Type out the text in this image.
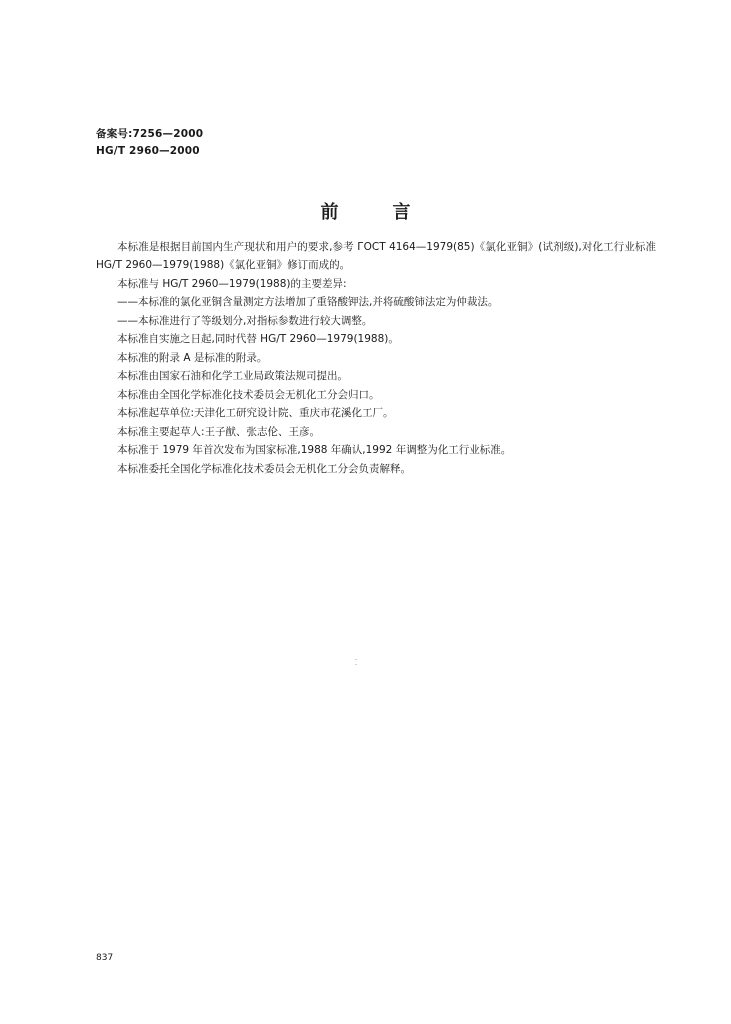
备案号:7256—2000
HG/T 2960—2000
前言

本标准是根据目前国内生产现状和用户的要求,参考 ГОСТ 4164—1979(85)《氯化亚铜》(试剂级),对化工行业标准 HG/T 2960—1979(1988)《氯化亚铜》修订而成的。

本标准与 HG/T 2960—1979(1988)的主要差异:

——本标准的氯化亚铜含量测定方法增加了重铬酸钾法,并将硫酸铈法定为仲裁法。

——本标准进行了等级划分,对指标参数进行较大调整。

本标准自实施之日起,同时代替 HG/T 2960—1979(1988)。

本标准的附录 A 是标准的附录。

本标准由国家石油和化学工业局政策法规司提出。

本标准由全国化学标准化技术委员会无机化工分会归口。

本标准起草单位:天津化工研究设计院、重庆市花溪化工厂。

本标准主要起草人:王子猷、张志伦、王彦。

本标准于 1979 年首次发布为国家标准,1988 年确认,1992 年调整为化工行业标准。

本标准委托全国化学标准化技术委员会无机化工分会负责解释。

·
·
837
